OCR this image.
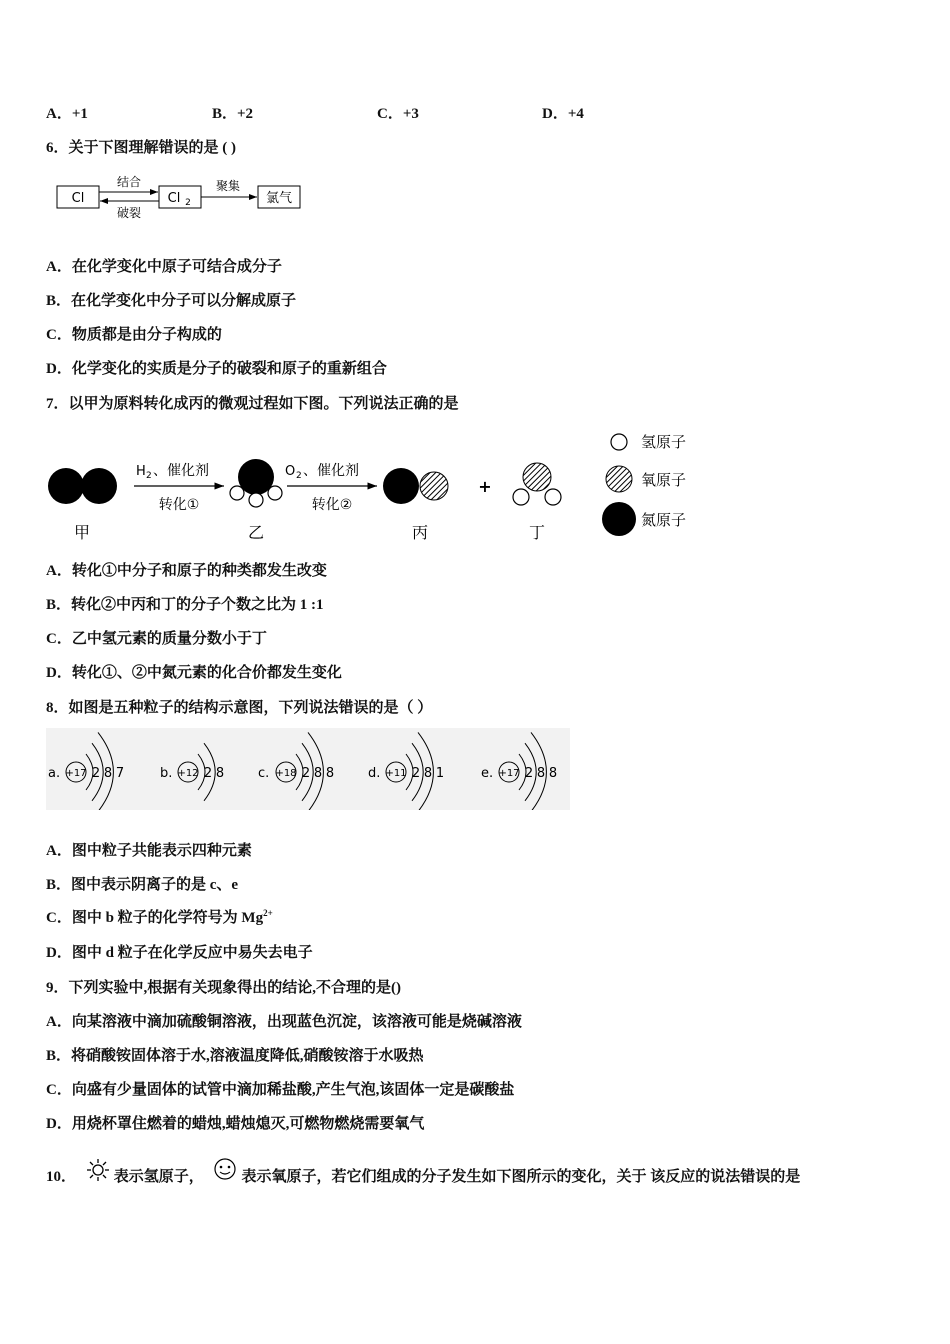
A．+1	B．+2	C．+3	D．+4
6．关于下图理解错误的是 ( )
Cl	Cl 2	氯气
结合
破裂
聚集
A．在化学变化中原子可结合成分子
B．在化学变化中分子可以分解成原子
C．物质都是由分子构成的
D．化学变化的实质是分子的破裂和原子的重新组合
7．以甲为原料转化成丙的微观过程如下图。下列说法正确的是
甲
H 2 、催化剂
转化①
乙
O 2 、催化剂
转化②
丙
+
丁
氢原子
氧原子
氮原子
A．转化①中分子和原子的种类都发生改变
B．转化②中丙和丁的分子个数之比为 1 :1
C．乙中氢元素的质量分数小于丁
D．转化①、②中氮元素的化合价都发生变化
8．如图是五种粒子的结构示意图，下列说法错误的是（ ）
a. +17 2 8 7	b. +12 2 8	c. +18 2 8 8	d. +11 2 8 1	e. +17 2 8 8
A．图中粒子共能表示四种元素
B．图中表示阴离子的是 c、e
C．图中 b 粒子的化学符号为 $Mg^{2+}$
D．图中 d 粒子在化学反应中易失去电子
9．下列实验中,根据有关现象得出的结论,不合理的是()
A．向某溶液中滴加硫酸铜溶液，出现蓝色沉淀，该溶液可能是烧碱溶液
B．将硝酸铵固体溶于水,溶液温度降低,硝酸铵溶于水吸热
C．向盛有少量固体的试管中滴加稀盐酸,产生气泡,该固体一定是碳酸盐
D．用烧杯罩住燃着的蜡烛,蜡烛熄灭,可燃物燃烧需要氧气
10．	表示氢原子，	表示氧原子，若它们组成的分子发生如下图所示的变化，关于 该反应的说法错误的是
